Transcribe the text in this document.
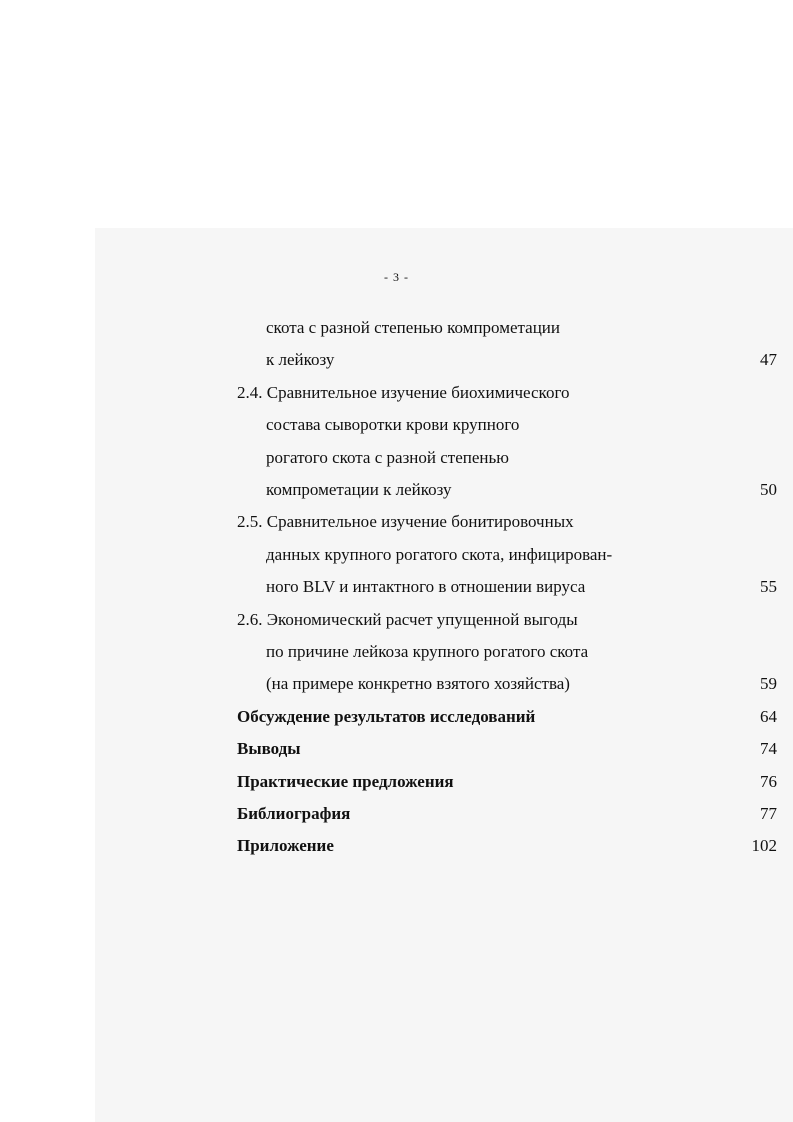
- 3 -
скота с разной степенью компрометации
к лейкозу	47
2.4. Сравнительное изучение биохимического
состава сыворотки крови крупного
рогатого скота с разной степенью
компрометации к лейкозу	50
2.5. Сравнительное изучение бонитировочных
данных крупного рогатого скота, инфицирован-
ного BLV и интактного в отношении вируса	55
2.6. Экономический расчет упущенной выгоды
по причине лейкоза крупного рогатого скота
(на примере конкретно взятого хозяйства)	59
Обсуждение результатов исследований	64
Выводы	74
Практические предложения	76
Библиография	77
Приложение	102
